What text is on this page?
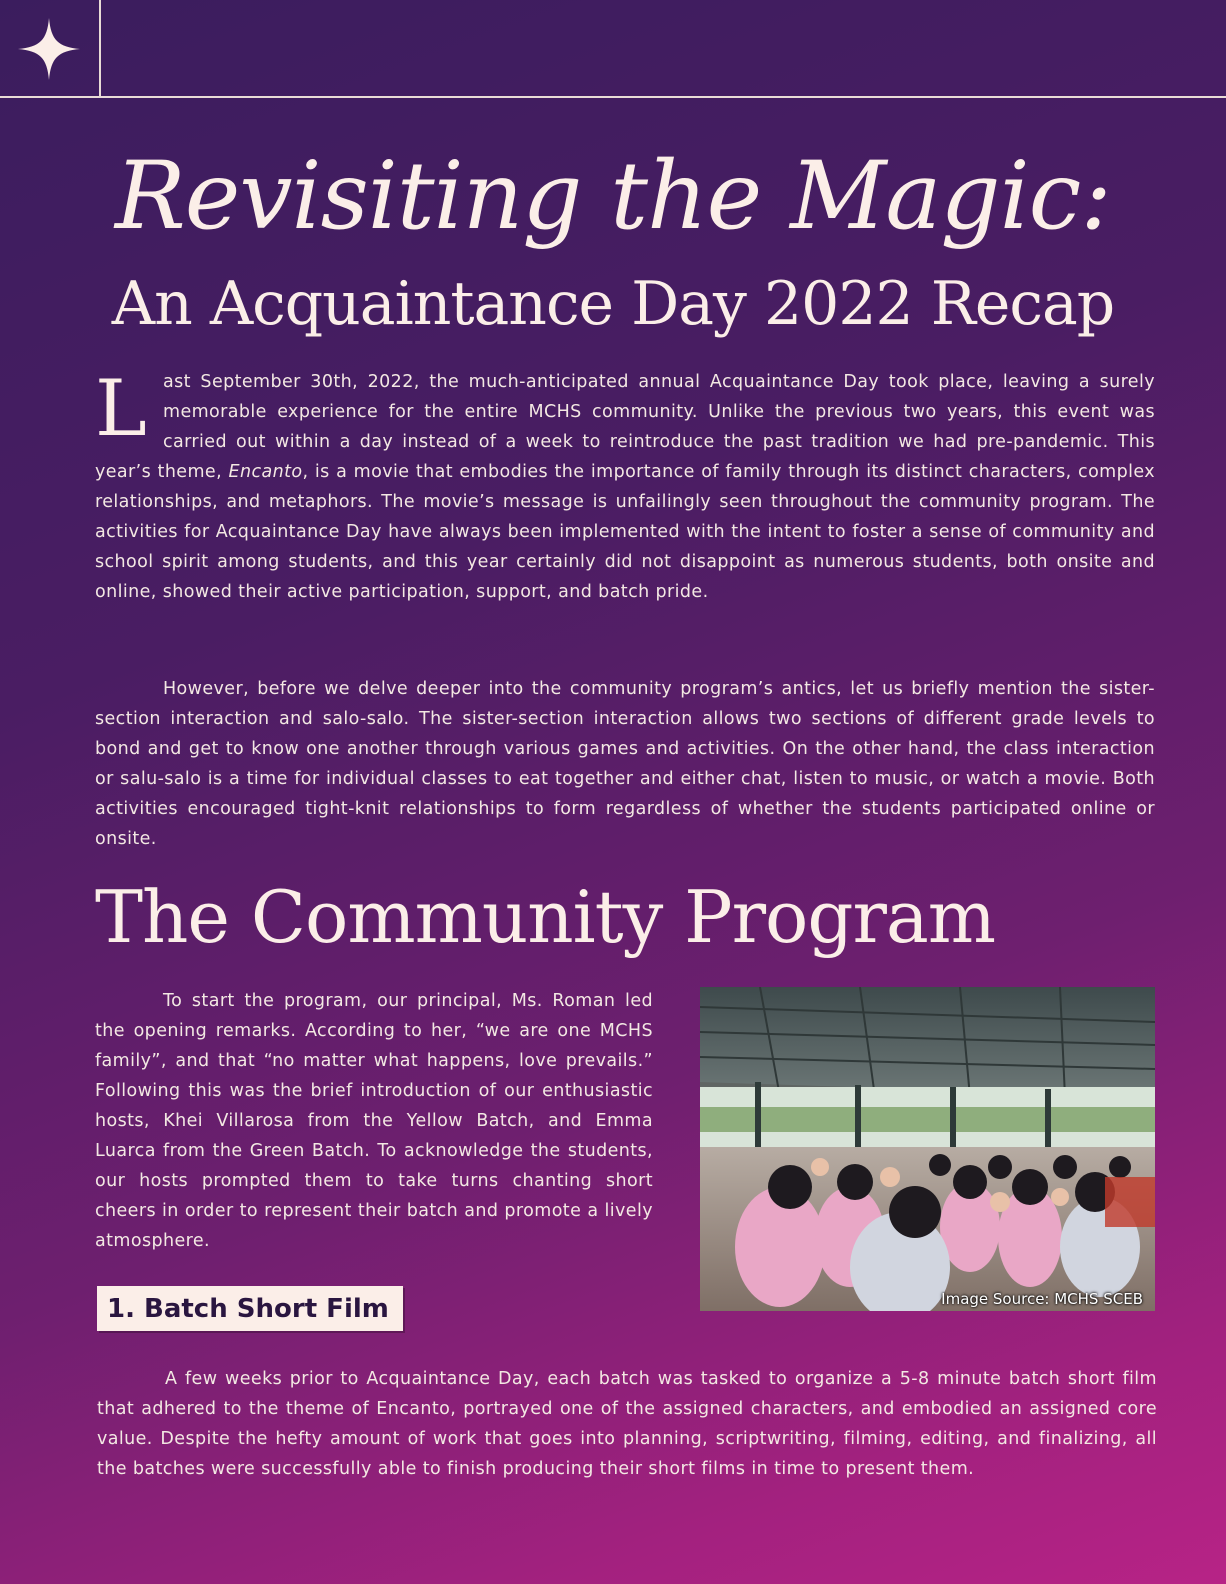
Revisiting the Magic:
An Acquaintance Day 2022 Recap

Last September 30th, 2022, the much-anticipated annual Acquaintance Day took place, leaving a surely memorable experience for the entire MCHS community. Unlike the previous two years, this event was carried out within a day instead of a week to reintroduce the past tradition we had pre-pandemic. This year’s theme, Encanto, is a movie that embodies the importance of family through its distinct characters, complex relationships, and metaphors. The movie’s message is unfailingly seen throughout the community program. The activities for Acquaintance Day have always been implemented with the intent to foster a sense of community and school spirit among students, and this year certainly did not disappoint as numerous students, both onsite and online, showed their active participation, support, and batch pride.

However, before we delve deeper into the community program’s antics, let us briefly mention the sister-section interaction and salo-salo. The sister-section interaction allows two sections of different grade levels to bond and get to know one another through various games and activities. On the other hand, the class interaction or salu-salo is a time for individual classes to eat together and either chat, listen to music, or watch a movie. Both activities encouraged tight-knit relationships to form regardless of whether the students participated online or onsite.

The Community Program

To start the program, our principal, Ms. Roman led the opening remarks. According to her, “we are one MCHS family”, and that “no matter what happens, love prevails.” Following this was the brief introduction of our enthusiastic hosts, Khei Villarosa from the Yellow Batch, and Emma Luarca from the Green Batch. To acknowledge the students, our hosts prompted them to take turns chanting short cheers in order to represent their batch and promote a lively atmosphere.

Image Source: MCHS SCEB
1. Batch Short Film

A few weeks prior to Acquaintance Day, each batch was tasked to organize a 5-8 minute batch short film that adhered to the theme of Encanto, portrayed one of the assigned characters, and embodied an assigned core value. Despite the hefty amount of work that goes into planning, scriptwriting, filming, editing, and finalizing, all the batches were successfully able to finish producing their short films in time to present them.
